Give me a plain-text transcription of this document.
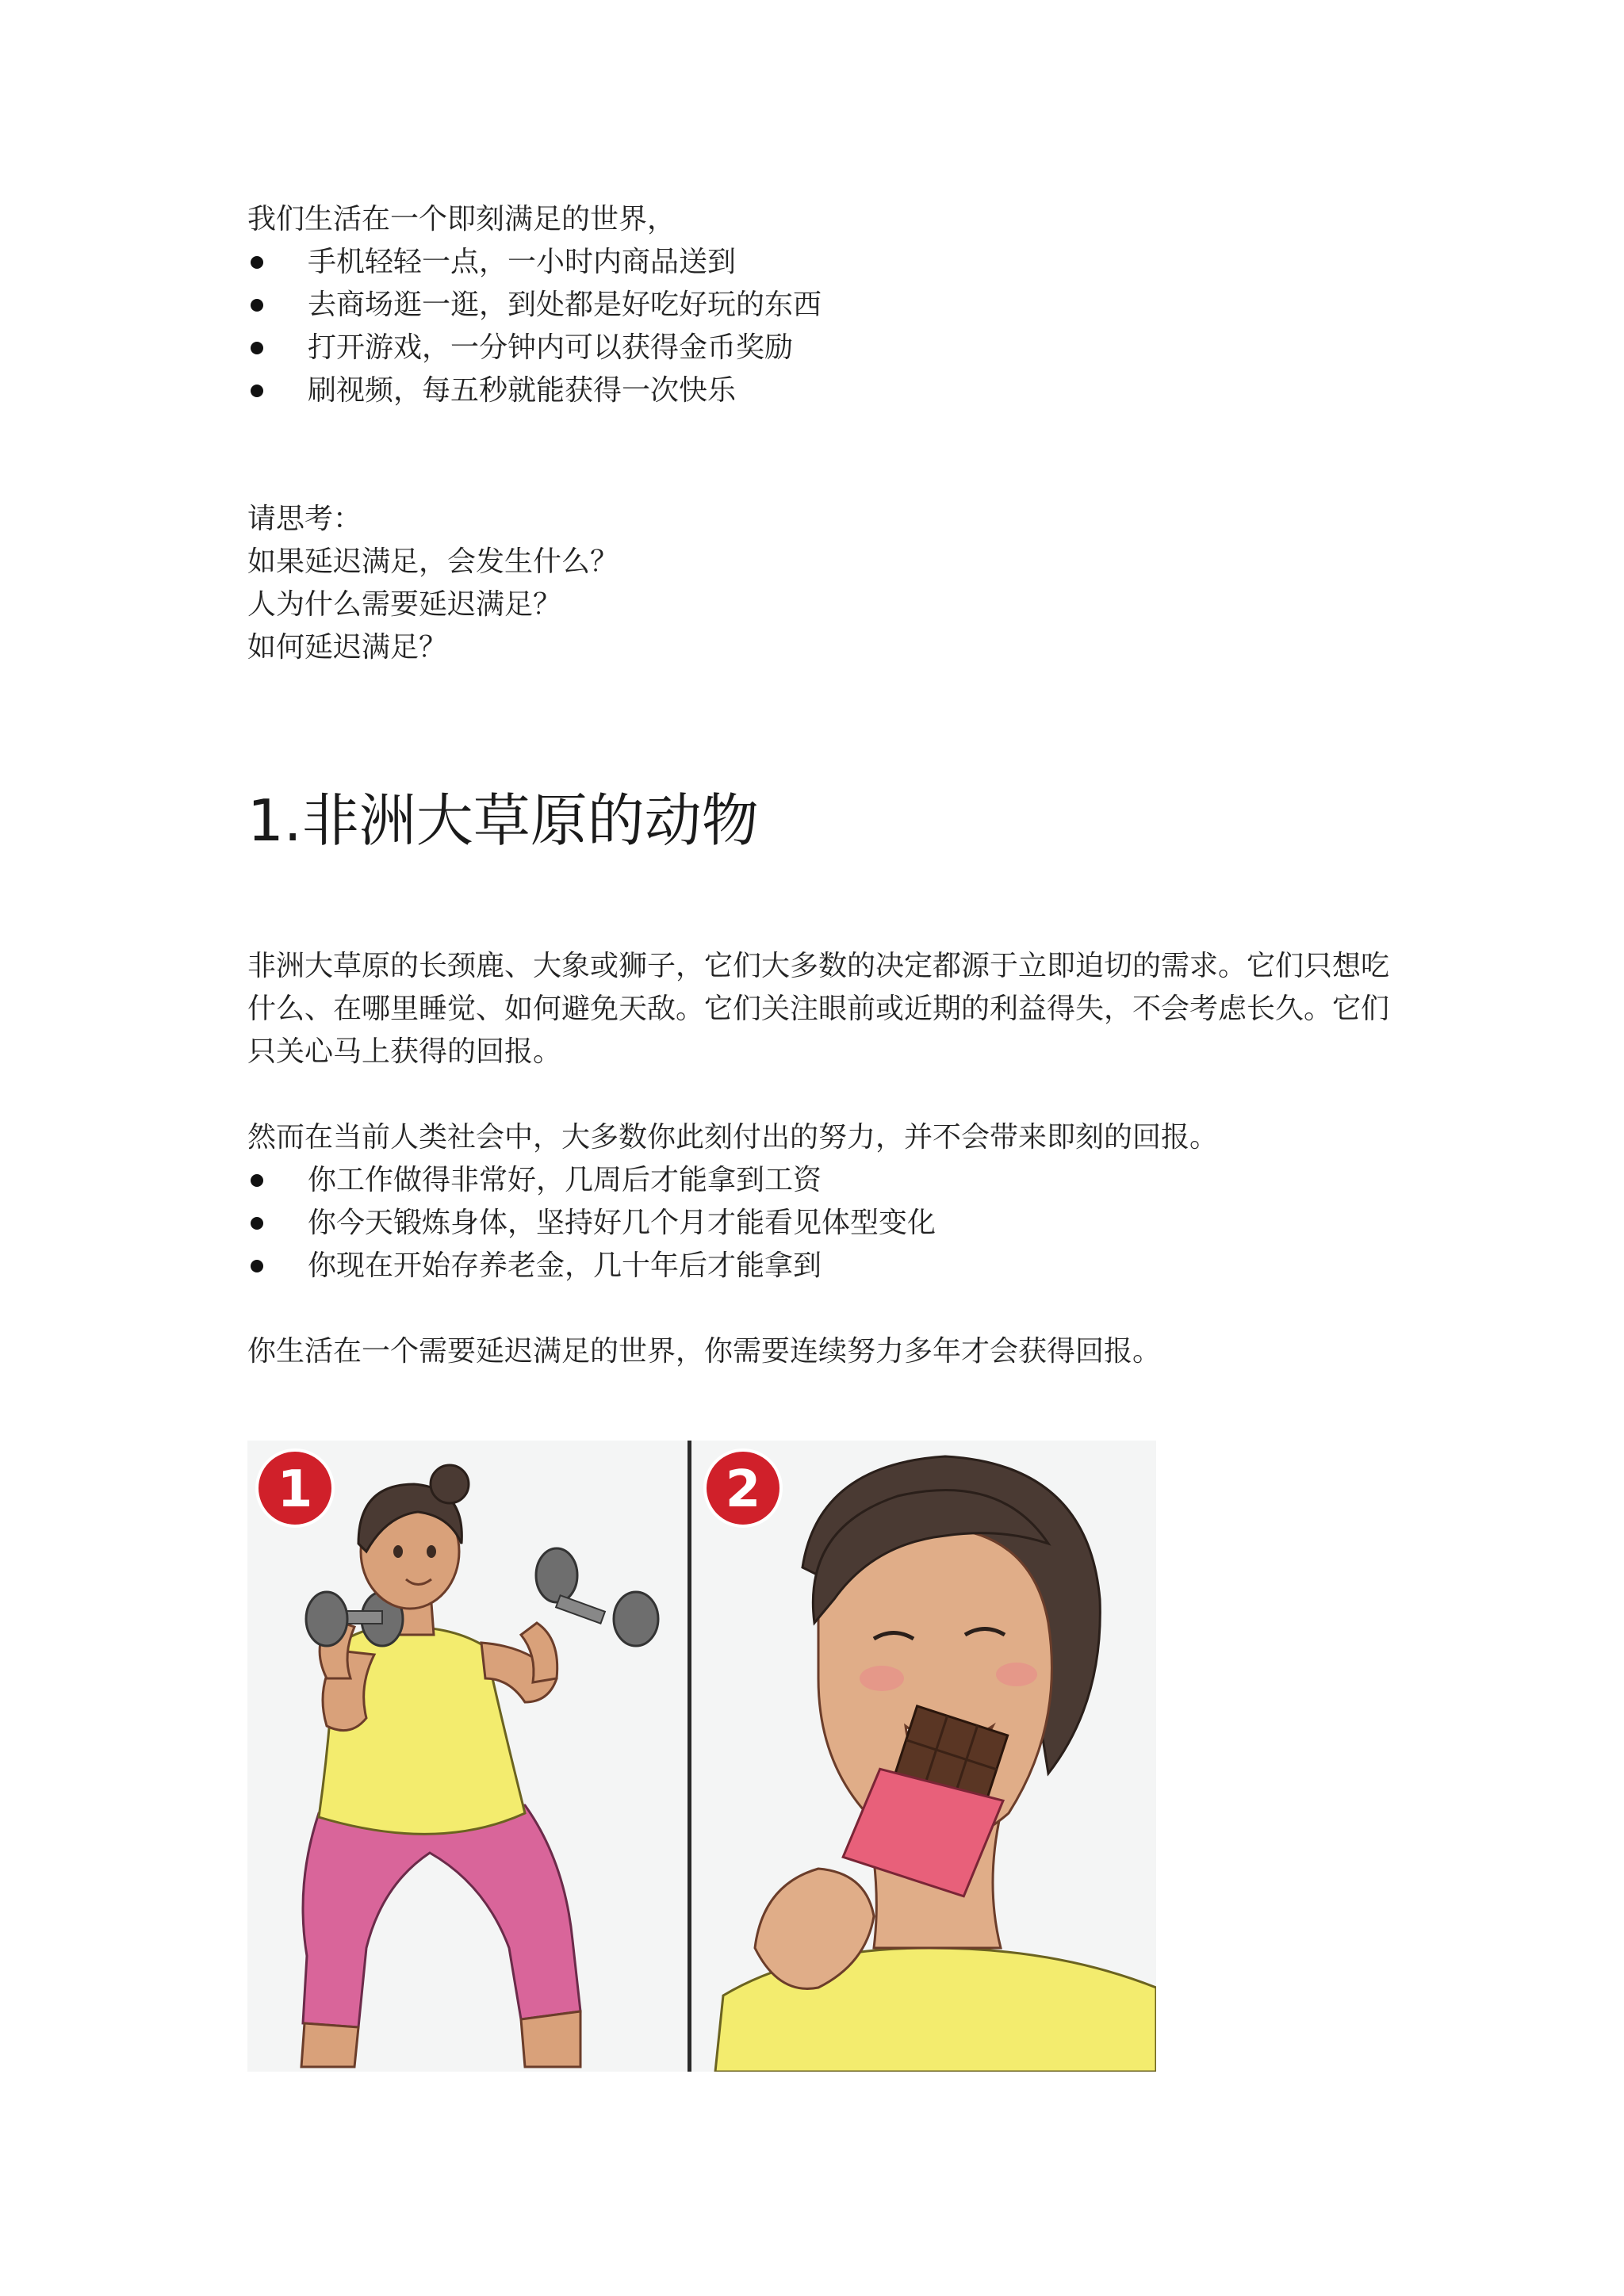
我们生活在一个即刻满足的世界，

手机轻轻一点，一小时内商品送到
去商场逛一逛，到处都是好吃好玩的东西
打开游戏，一分钟内可以获得金币奖励
刷视频，每五秒就能获得一次快乐

请思考：

如果延迟满足，会发生什么？

人为什么需要延迟满足？

如何延迟满足？

1.非洲大草原的动物

非洲大草原的长颈鹿、大象或狮子，它们大多数的决定都源于立即迫切的需求。它们只想吃什么、在哪里睡觉、如何避免天敌。它们关注眼前或近期的利益得失，不会考虑长久。它们只关心马上获得的回报。

然而在当前人类社会中，大多数你此刻付出的努力，并不会带来即刻的回报。

你工作做得非常好，几周后才能拿到工资
你今天锻炼身体，坚持好几个月才能看见体型变化
你现在开始存养老金，几十年后才能拿到

你生活在一个需要延迟满足的世界，你需要连续努力多年才会获得回报。

1	2
